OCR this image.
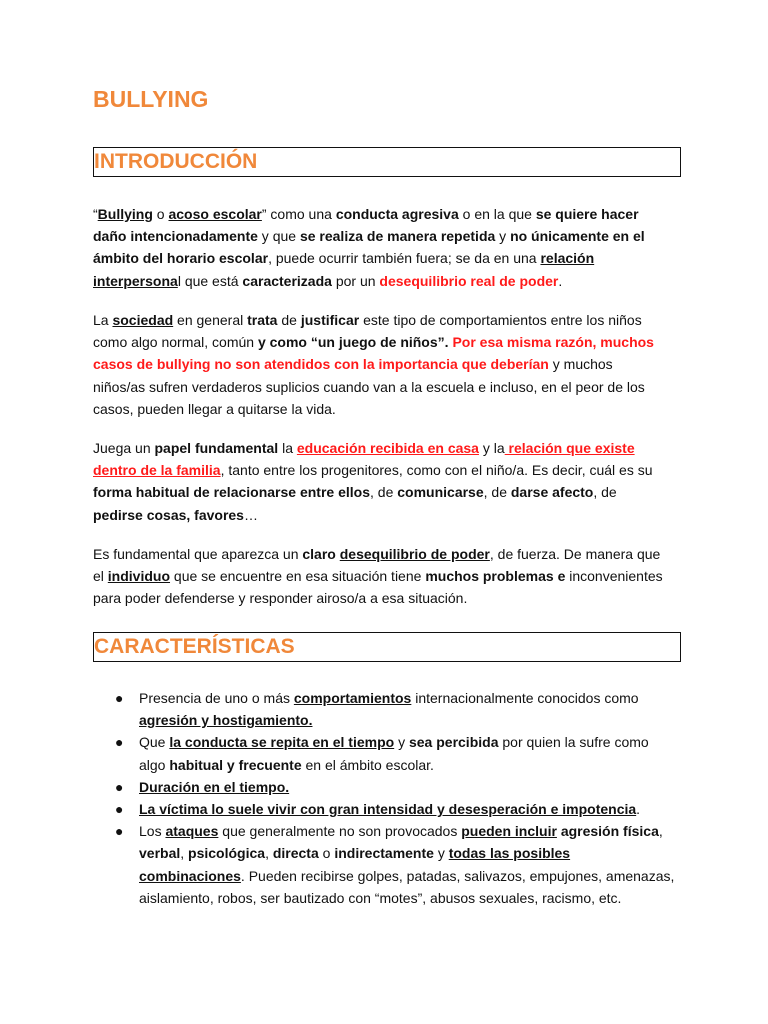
BULLYING
INTRODUCCIÓN

“Bullying o acoso escolar” como una conducta agresiva o en la que se quiere hacer daño intencionadamente y que se realiza de manera repetida y no únicamente en el ámbito del horario escolar, puede ocurrir también fuera; se da en una relación interpersonal que está caracterizada por un desequilibrio real de poder.

La sociedad en general trata de justificar este tipo de comportamientos entre los niños como algo normal, común y como “un juego de niños”. Por esa misma razón, muchos casos de bullying no son atendidos con la importancia que deberían y muchos niños/as sufren verdaderos suplicios cuando van a la escuela e incluso, en el peor de los casos, pueden llegar a quitarse la vida.

Juega un papel fundamental la educación recibida en casa y la relación que existe dentro de la familia, tanto entre los progenitores, como con el niño/a. Es decir, cuál es su forma habitual de relacionarse entre ellos, de comunicarse, de darse afecto, de pedirse cosas, favores…

Es fundamental que aparezca un claro desequilibrio de poder, de fuerza. De manera que el individuo que se encuentre en esa situación tiene muchos problemas e inconvenientes para poder defenderse y responder airoso/a a esa situación.

CARACTERÍSTICAS
● Presencia de uno o más comportamientos internacionalmente conocidos como agresión y hostigamiento.
● Que la conducta se repita en el tiempo y sea percibida por quien la sufre como algo habitual y frecuente en el ámbito escolar.
● Duración en el tiempo.
● La víctima lo suele vivir con gran intensidad y desesperación e impotencia.
● Los ataques que generalmente no son provocados pueden incluir agresión física, verbal, psicológica, directa o indirectamente y todas las posibles combinaciones. Pueden recibirse golpes, patadas, salivazos, empujones, amenazas, aislamiento, robos, ser bautizado con “motes”, abusos sexuales, racismo, etc.
